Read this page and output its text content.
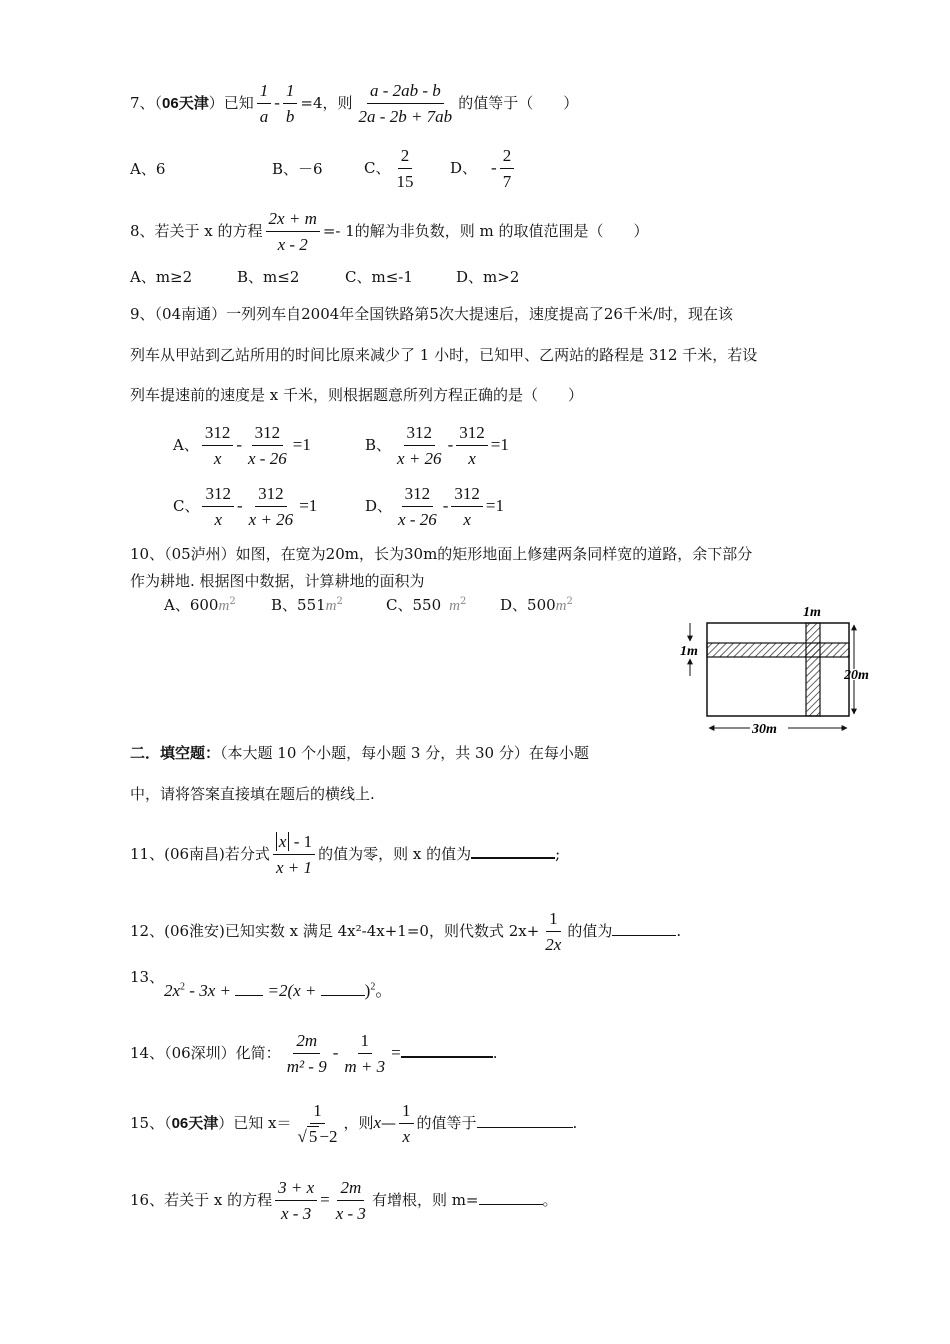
7、（06天津）已知 $\frac{1}{a} - \frac{1}{b} =4$，则 $\frac{a - 2ab - b}{2a - 2b + 7ab}$ 的值等于（　　）
A、6	B、－6	C、 $\frac{2}{15}$ D、 - $\frac{2}{7}$
8、若关于 x 的方程 $\frac{2x + m}{x - 2} =- 1$的解为非负数，则 m 的取值范围是（　　）
A、m≥2	B、m≤2	C、m≤-1	D、m>2
9、（04南通）一列列车自2004年全国铁路第5次大提速后，速度提高了26千米/时，现在该
列车从甲站到乙站所用的时间比原来减少了 1 小时，已知甲、乙两站的路程是 312 千米，若设
列车提速前的速度是 x 千米，则根据题意所列方程正确的是（　　）
A、 $\frac{312}{x} - \frac{312}{x - 26} =1$	B、 $\frac{312}{x + 26} - \frac{312}{x} =1$
C、 $\frac{312}{x} - \frac{312}{x + 26} =1$	D、 $\frac{312}{x - 26} - \frac{312}{x} =1$
10、（05泸州）如图，在宽为20m，长为30m的矩形地面上修建两条同样宽的道路，余下部分
作为耕地. 根据图中数据，计算耕地的面积为
A、$600m^2$ B、$551m^2$	C、550 $m^2$ D、$500m^2$
1m
1m
20m
30m
二．填空题：（本大题 10 个小题，每小题 3 分，共 30 分）在每小题
中，请将答案直接填在题后的横线上.
11、(06南昌)若分式 $\frac{x - 1}{x + 1}$ 的值为零，则 x 的值为	;
12、(06淮安)已知实数 x 满足 4x²-4x+1=0，则代数式 $2x+ \frac{1}{2x}$ 的值为	.
13、
$2x^2 - 3x + =2(x$ +	)$^2$。
14、（06深圳）化简： $\frac{2m}{\text{m² - 9}} - \frac{1}{m + 3}$ =	.
15、（06天津）已知 $x= \frac{1}{√ 5 -2}$ ，则x— $\frac{1}{x}$ 的值等于	.
16、若关于 x 的方程 $\frac{3 + x}{x - 3} = \frac{2m}{x - 3}$ 有增根，则 m=	。
